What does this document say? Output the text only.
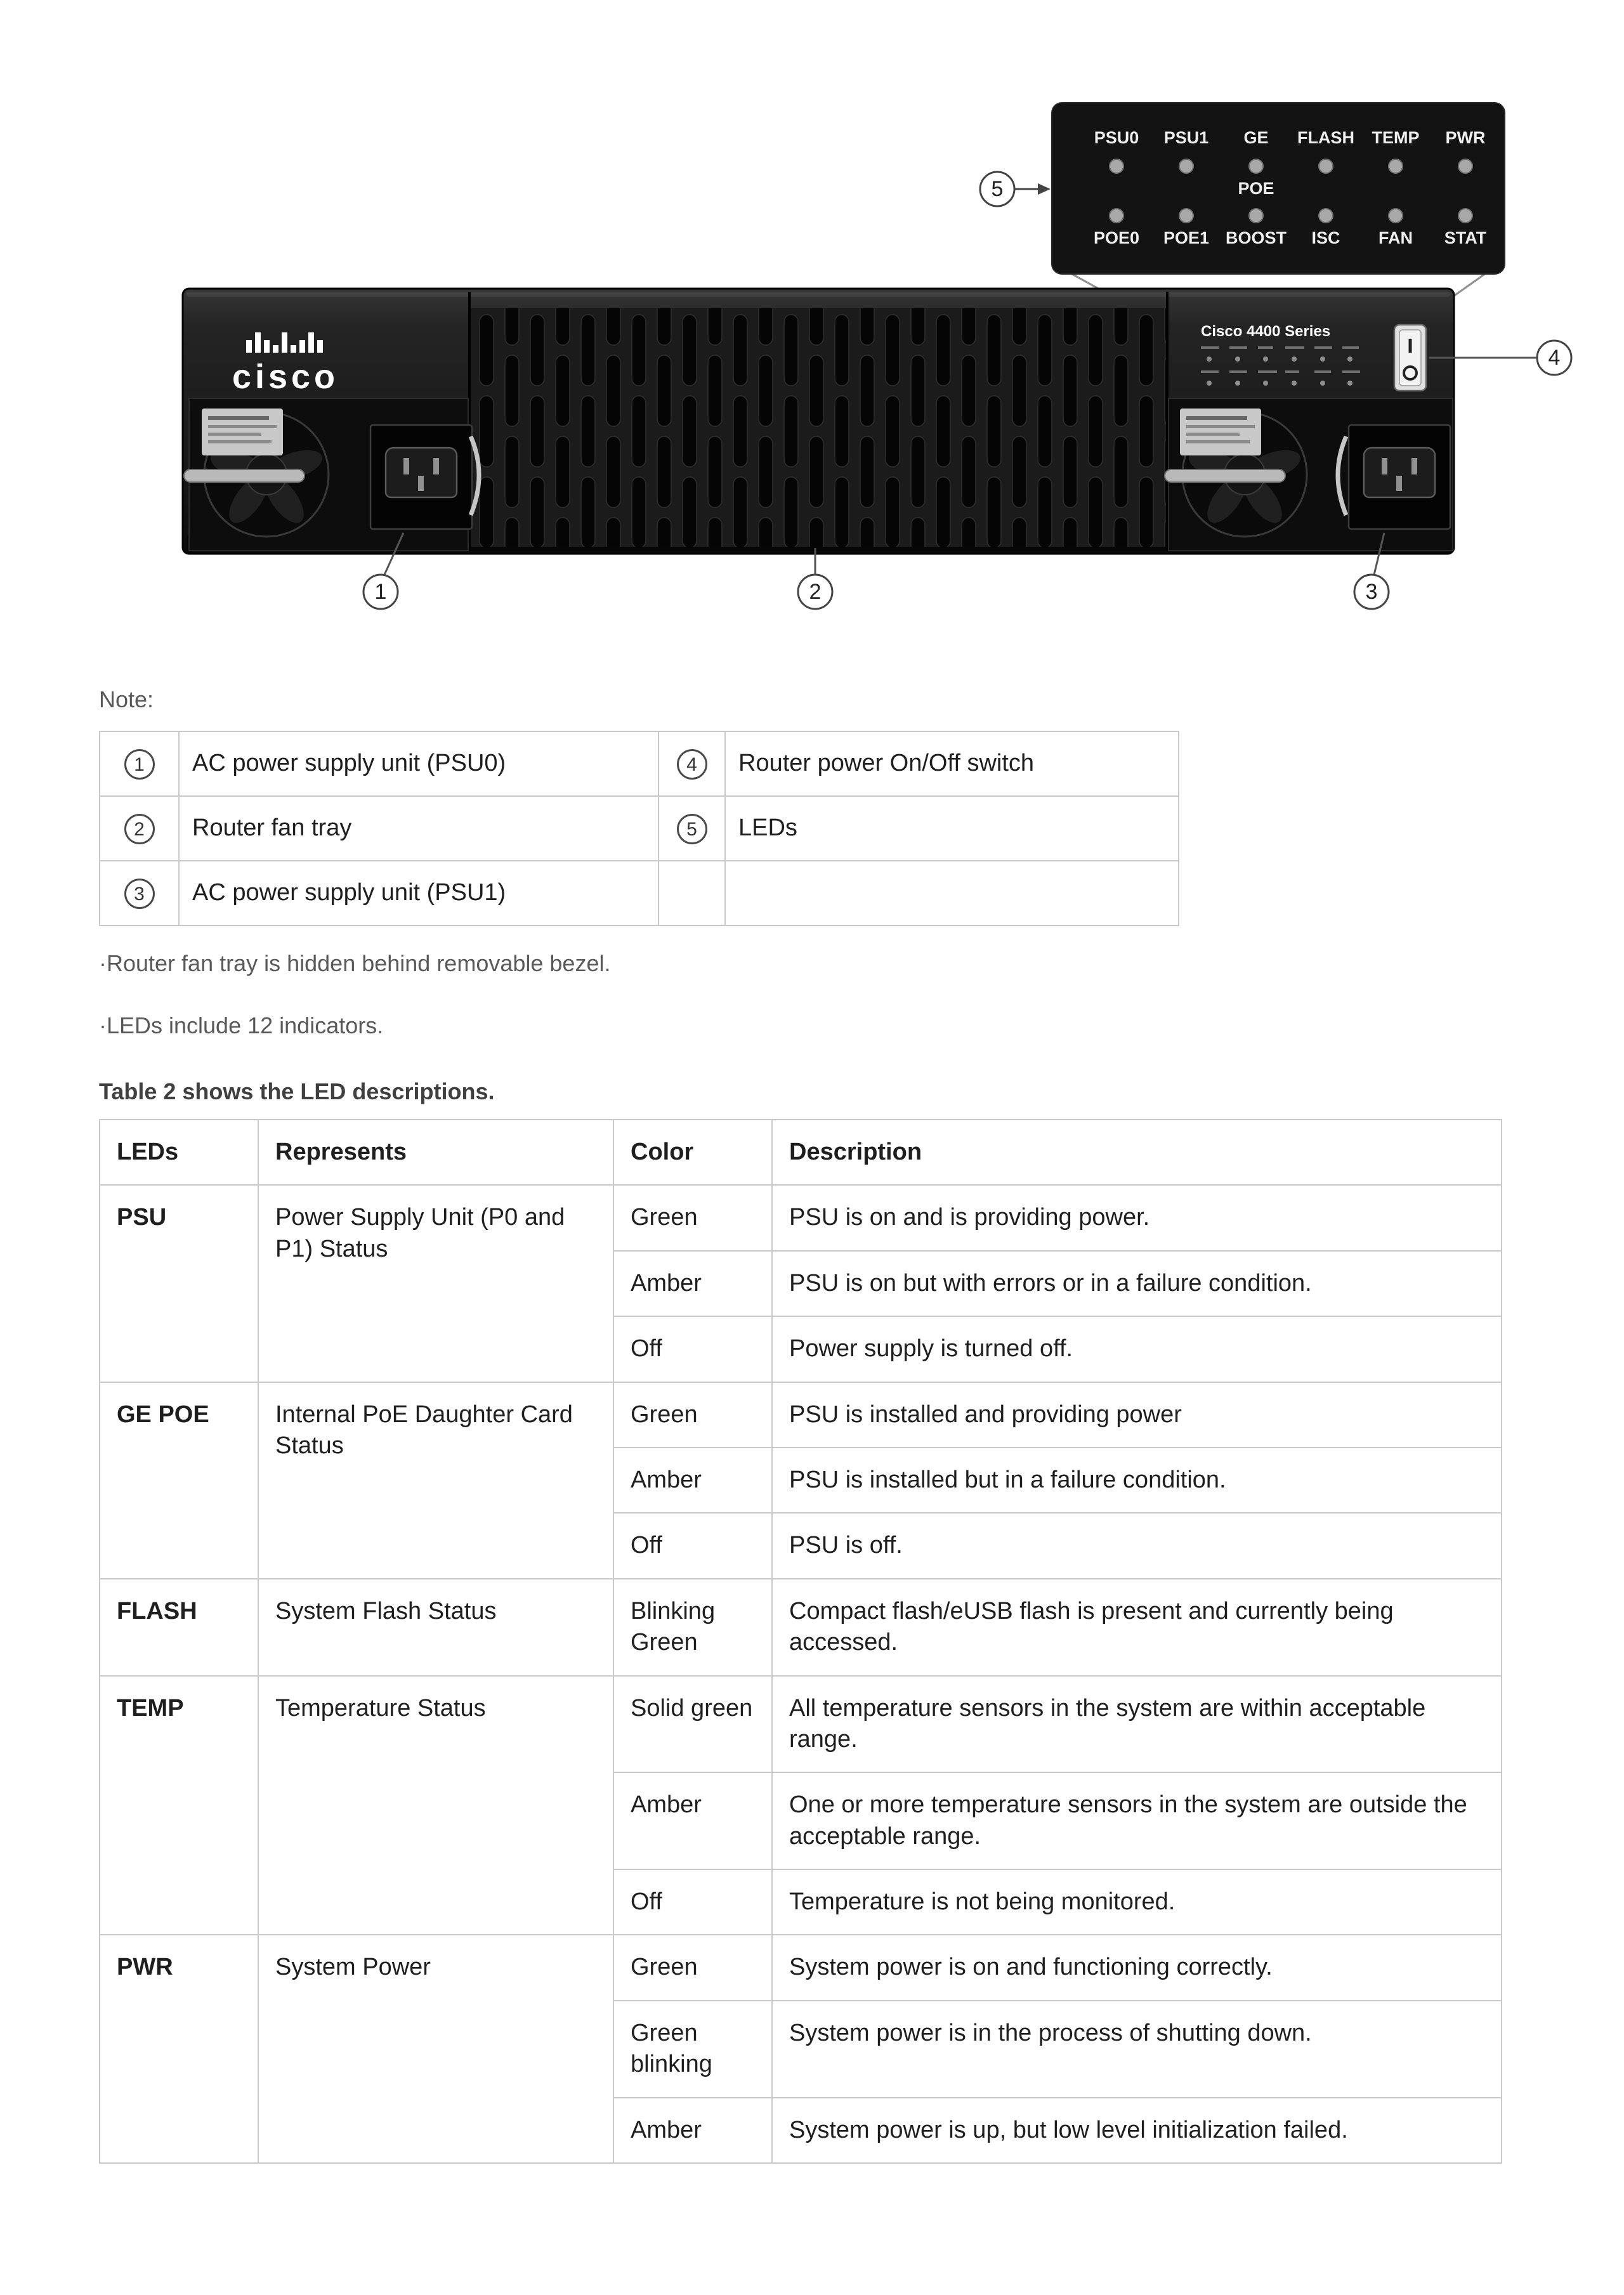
cisco
Cisco 4400 Series
PSU0 PSU1 GE FLASH TEMP PWR
POE
POE0 POE1 BOOST ISC FAN STAT
5
4
1	2	3
Note:
1	AC power supply unit (PSU0)	4	Router power On/Off switch
2	Router fan tray	5	LEDs
3	AC power supply unit (PSU1)		

·Router fan tray is hidden behind removable bezel.

·LEDs include 12 indicators.

Table 2 shows the LED descriptions.

LEDs	Represents	Color	Description
PSU	Power Supply Unit (P0 and P1) Status	Green	PSU is on and is providing power.
		Amber	PSU is on but with errors or in a failure condition.
		Off	Power supply is turned off.
GE POE	Internal PoE Daughter Card Status	Green	PSU is installed and providing power
		Amber	PSU is installed but in a failure condition.
		Off	PSU is off.
FLASH	System Flash Status	Blinking Green	Compact flash/eUSB flash is present and currently being accessed.
TEMP	Temperature Status	Solid green	All temperature sensors in the system are within acceptable range.
		Amber	One or more temperature sensors in the system are outside the acceptable range.
		Off	Temperature is not being monitored.
PWR	System Power	Green	System power is on and functioning correctly.
		Green blinking	System power is in the process of shutting down.
		Amber	System power is up, but low level initialization failed.
